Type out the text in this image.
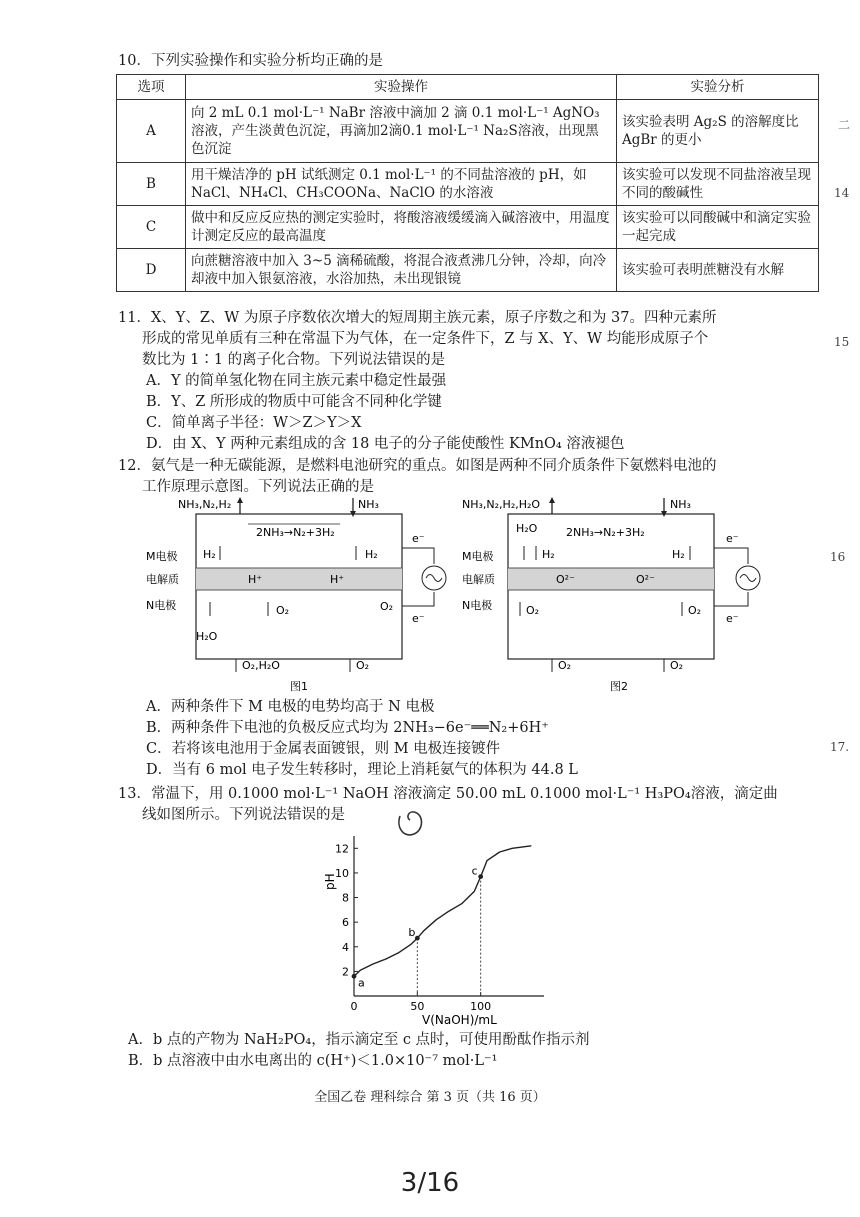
10．下列实验操作和实验分析均正确的是
选项	实验操作	实验分析
A	向 2 mL 0.1 mol·L⁻¹ NaBr 溶液中滴加 2 滴 0.1 mol·L⁻¹ AgNO₃溶液，产生淡黄色沉淀，再滴加2滴0.1 mol·L⁻¹ Na₂S溶液，出现黑色沉淀	该实验表明 Ag₂S 的溶解度比 AgBr 的更小
B	用干燥洁净的 pH 试纸测定 0.1 mol·L⁻¹ 的不同盐溶液的 pH，如 NaCl、NH₄Cl、CH₃COONa、NaClO 的水溶液	该实验可以发现不同盐溶液呈现不同的酸碱性
C	做中和反应反应热的测定实验时，将酸溶液缓缓滴入碱溶液中，用温度计测定反应的最高温度	该实验可以同酸碱中和滴定实验一起完成
D	向蔗糖溶液中加入 3~5 滴稀硫酸，将混合液煮沸几分钟，冷却，向冷却液中加入银氨溶液，水浴加热，未出现银镜	该实验可表明蔗糖没有水解
11．X、Y、Z、W 为原子序数依次增大的短周期主族元素，原子序数之和为 37。四种元素所
形成的常见单质有三种在常温下为气体，在一定条件下，Z 与 X、Y、W 均能形成原子个
数比为 1∶1 的离子化合物。下列说法错误的是
A．Y 的简单氢化物在同主族元素中稳定性最强
B．Y、Z 所形成的物质中可能含不同种化学键
C．简单离子半径：W＞Z＞Y＞X
D．由 X、Y 两种元素组成的含 18 电子的分子能使酸性 KMnO₄ 溶液褪色
12．氨气是一种无碳能源，是燃料电池研究的重点。如图是两种不同介质条件下氨燃料电池的
工作原理示意图。下列说法正确的是
NH₃,N₂,H₂	NH₃
2NH₃→N₂+3H₂
M电极
电解质
N电极
H₂	H₂
H⁺	H⁺
O₂	O₂
H₂O
O₂,H₂O	O₂
e⁻
e⁻
图1
NH₃,N₂,H₂,H₂O	NH₃
H₂O	2NH₃→N₂+3H₂
M电极
电解质
N电极
H₂	H₂
O²⁻	O²⁻
O₂	O₂
O₂	O₂
e⁻
e⁻
图2
A．两种条件下 M 电极的电势均高于 N 电极
B．两种条件下电池的负极反应式均为 2NH₃−6e⁻══N₂+6H⁺
C．若将该电池用于金属表面镀银，则 M 电极连接镀件
D．当有 6 mol 电子发生转移时，理论上消耗氨气的体积为 44.8 L
13．常温下，用 0.1000 mol·L⁻¹ NaOH 溶液滴定 50.00 mL 0.1000 mol·L⁻¹ H₃PO₄溶液，滴定曲
线如图所示。下列说法错误的是
2
4
6
8
10
12
0	50	100
a
b
c
pH
V(NaOH)/mL
A．b 点的产物为 NaH₂PO₄，指示滴定至 c 点时，可使用酚酞作指示剂
B．b 点溶液中由水电离出的 c(H⁺)＜1.0×10⁻⁷ mol·L⁻¹
二
14
15
16
17.
全国乙卷 理科综合 第 3 页（共 16 页）
3/16
